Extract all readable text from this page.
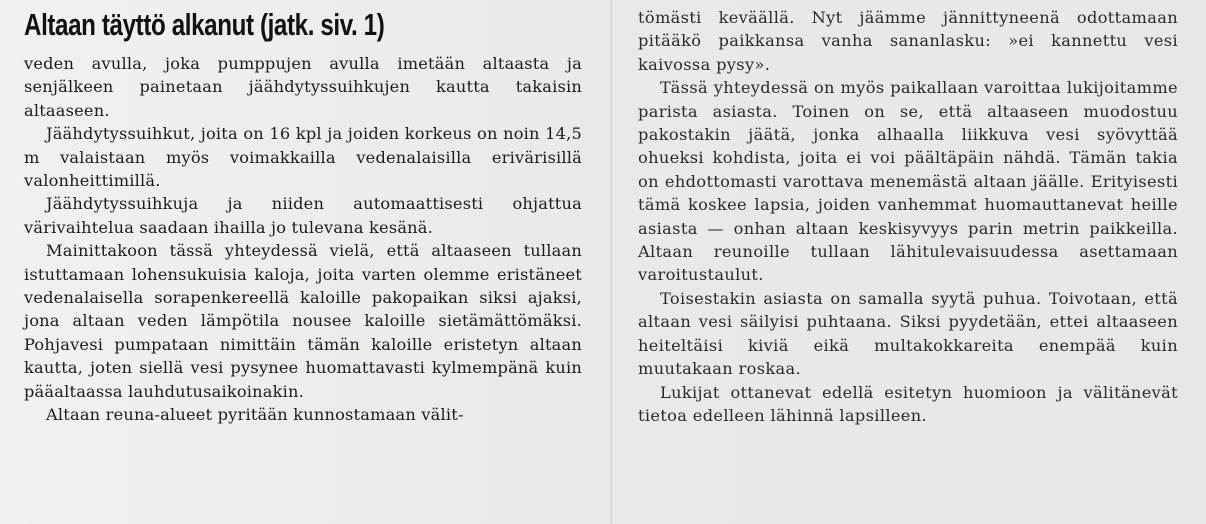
Altaan täyttö alkanut (jatk. siv. 1)

veden avulla, joka pumppujen avulla imetään altaasta ja senjälkeen painetaan jäähdytyssuihkujen kautta takaisin altaaseen.

Jäähdytyssuihkut, joita on 16 kpl ja joiden korkeus on noin 14,5 m valaistaan myös voimakkailla vedenalaisilla erivärisillä valonheittimillä.

Jäähdytyssuihkuja ja niiden automaattisesti ohjattua värivaihtelua saadaan ihailla jo tulevana kesänä.

Mainittakoon tässä yhteydessä vielä, että altaaseen tullaan istuttamaan lohensukuisia kaloja, joita varten olemme eristäneet vedenalaisella sorapenkereellä kaloille pakopaikan siksi ajaksi, jona altaan veden lämpötila nousee kaloille sietämättömäksi. Pohjavesi pumpataan nimittäin tämän kaloille eristetyn altaan kautta, joten siellä vesi pysynee huomattavasti kylmempänä kuin pääaltaassa lauhdutusaikoinakin.

Altaan reuna-alueet pyritään kunnostamaan välit-

tömästi keväällä. Nyt jäämme jännittyneenä odottamaan pitääkö paikkansa vanha sananlasku: »ei kannettu vesi kaivossa pysy».

Tässä yhteydessä on myös paikallaan varoittaa lukijoitamme parista asiasta. Toinen on se, että altaaseen muodostuu pakostakin jäätä, jonka alhaalla liikkuva vesi syövyttää ohueksi kohdista, joita ei voi päältäpäin nähdä. Tämän takia on ehdottomasti varottava menemästä altaan jäälle. Erityisesti tämä koskee lapsia, joiden vanhemmat huomauttanevat heille asiasta — onhan altaan keskisyvyys parin metrin paikkeilla. Altaan reunoille tullaan lähitulevaisuudessa asettamaan varoitustaulut.

Toisestakin asiasta on samalla syytä puhua. Toivotaan, että altaan vesi säilyisi puhtaana. Siksi pyydetään, ettei altaaseen heiteltäisi kiviä eikä multakokkareita enempää kuin muutakaan roskaa.

Lukijat ottanevat edellä esitetyn huomioon ja välitänevät tietoa edelleen lähinnä lapsilleen.
